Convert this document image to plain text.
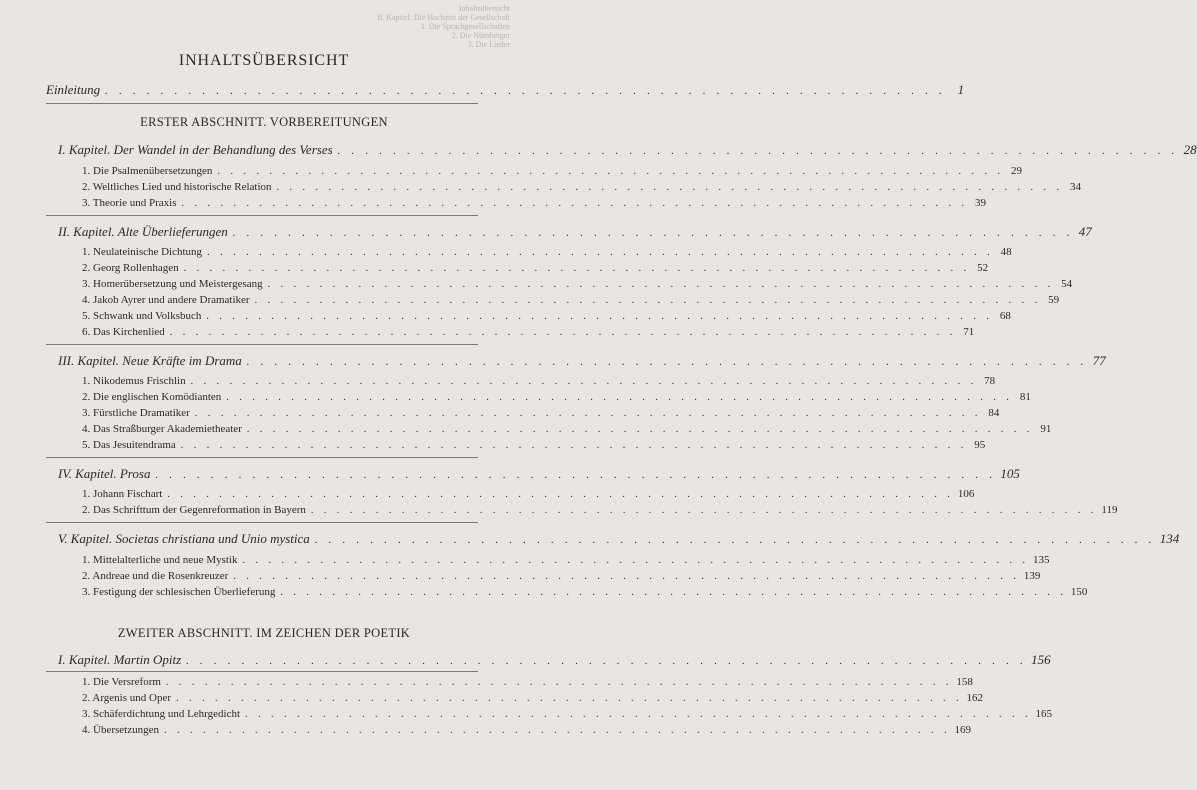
Inhaltsübersicht
II. Kapitel. Die Hochzeit der Gesellschaft
1. Die Sprachgesellschaften
2. Die Nürnberger
3. Die Lieder
INHALTSÜBERSICHT
Einleitung . . . . . . . . . . . . . . . . . . . . . . . . . . . . . . . . . . . . . . . . . . . . . . . . . . . . . . . . . . . . . 1
ERSTER ABSCHNITT. VORBEREITUNGEN
I. Kapitel. Der Wandel in der Behandlung des Verses . . . . . . . . . . . . . . . . . . . . . . . . . . . . . . . . . . . . . . . . . . . . . . . . . . . . . . . . . . . . . 28
1. Die Psalmenübersetzungen . . . . . . . . . . . . . . . . . . . . . . . . . . . . . . . . . . . . . . . . . . . . . . . . . . . . . . . . . . . . . 29
2. Weltliches Lied und historische Relation . . . . . . . . . . . . . . . . . . . . . . . . . . . . . . . . . . . . . . . . . . . . . . . . . . . . . . . . . . . . . 34
3. Theorie und Praxis . . . . . . . . . . . . . . . . . . . . . . . . . . . . . . . . . . . . . . . . . . . . . . . . . . . . . . . . . . . . . 39
II. Kapitel. Alte Überlieferungen . . . . . . . . . . . . . . . . . . . . . . . . . . . . . . . . . . . . . . . . . . . . . . . . . . . . . . . . . . . . . 47
1. Neulateinische Dichtung . . . . . . . . . . . . . . . . . . . . . . . . . . . . . . . . . . . . . . . . . . . . . . . . . . . . . . . . . . . . . 48
2. Georg Rollenhagen . . . . . . . . . . . . . . . . . . . . . . . . . . . . . . . . . . . . . . . . . . . . . . . . . . . . . . . . . . . . . 52
3. Homerübersetzung und Meistergesang . . . . . . . . . . . . . . . . . . . . . . . . . . . . . . . . . . . . . . . . . . . . . . . . . . . . . . . . . . . . . 54
4. Jakob Ayrer und andere Dramatiker . . . . . . . . . . . . . . . . . . . . . . . . . . . . . . . . . . . . . . . . . . . . . . . . . . . . . . . . . . . . . 59
5. Schwank und Volksbuch . . . . . . . . . . . . . . . . . . . . . . . . . . . . . . . . . . . . . . . . . . . . . . . . . . . . . . . . . . . . . 68
6. Das Kirchenlied . . . . . . . . . . . . . . . . . . . . . . . . . . . . . . . . . . . . . . . . . . . . . . . . . . . . . . . . . . . . . 71
III. Kapitel. Neue Kräfte im Drama . . . . . . . . . . . . . . . . . . . . . . . . . . . . . . . . . . . . . . . . . . . . . . . . . . . . . . . . . . . . . 77
1. Nikodemus Frischlin . . . . . . . . . . . . . . . . . . . . . . . . . . . . . . . . . . . . . . . . . . . . . . . . . . . . . . . . . . . . . 78
2. Die englischen Komödianten . . . . . . . . . . . . . . . . . . . . . . . . . . . . . . . . . . . . . . . . . . . . . . . . . . . . . . . . . . . . . 81
3. Fürstliche Dramatiker . . . . . . . . . . . . . . . . . . . . . . . . . . . . . . . . . . . . . . . . . . . . . . . . . . . . . . . . . . . . . 84
4. Das Straßburger Akademietheater . . . . . . . . . . . . . . . . . . . . . . . . . . . . . . . . . . . . . . . . . . . . . . . . . . . . . . . . . . . . . 91
5. Das Jesuitendrama . . . . . . . . . . . . . . . . . . . . . . . . . . . . . . . . . . . . . . . . . . . . . . . . . . . . . . . . . . . . . 95
IV. Kapitel. Prosa . . . . . . . . . . . . . . . . . . . . . . . . . . . . . . . . . . . . . . . . . . . . . . . . . . . . . . . . . . . . . 105
1. Johann Fischart . . . . . . . . . . . . . . . . . . . . . . . . . . . . . . . . . . . . . . . . . . . . . . . . . . . . . . . . . . . . . 106
2. Das Schrifttum der Gegenreformation in Bayern . . . . . . . . . . . . . . . . . . . . . . . . . . . . . . . . . . . . . . . . . . . . . . . . . . . . . . . . . . . . . 119
V. Kapitel. Societas christiana und Unio mystica . . . . . . . . . . . . . . . . . . . . . . . . . . . . . . . . . . . . . . . . . . . . . . . . . . . . . . . . . . . . . 134
1. Mittelalterliche und neue Mystik . . . . . . . . . . . . . . . . . . . . . . . . . . . . . . . . . . . . . . . . . . . . . . . . . . . . . . . . . . . . . 135
2. Andreae und die Rosenkreuzer . . . . . . . . . . . . . . . . . . . . . . . . . . . . . . . . . . . . . . . . . . . . . . . . . . . . . . . . . . . . . 139
3. Festigung der schlesischen Überlieferung . . . . . . . . . . . . . . . . . . . . . . . . . . . . . . . . . . . . . . . . . . . . . . . . . . . . . . . . . . . . . 150
ZWEITER ABSCHNITT. IM ZEICHEN DER POETIK
I. Kapitel. Martin Opitz . . . . . . . . . . . . . . . . . . . . . . . . . . . . . . . . . . . . . . . . . . . . . . . . . . . . . . . . . . . . . 156
1. Die Versreform . . . . . . . . . . . . . . . . . . . . . . . . . . . . . . . . . . . . . . . . . . . . . . . . . . . . . . . . . . . . . 158
2. Argenis und Oper . . . . . . . . . . . . . . . . . . . . . . . . . . . . . . . . . . . . . . . . . . . . . . . . . . . . . . . . . . . . . 162
3. Schäferdichtung und Lehrgedicht . . . . . . . . . . . . . . . . . . . . . . . . . . . . . . . . . . . . . . . . . . . . . . . . . . . . . . . . . . . . . 165
4. Übersetzungen . . . . . . . . . . . . . . . . . . . . . . . . . . . . . . . . . . . . . . . . . . . . . . . . . . . . . . . . . . . . . 169
